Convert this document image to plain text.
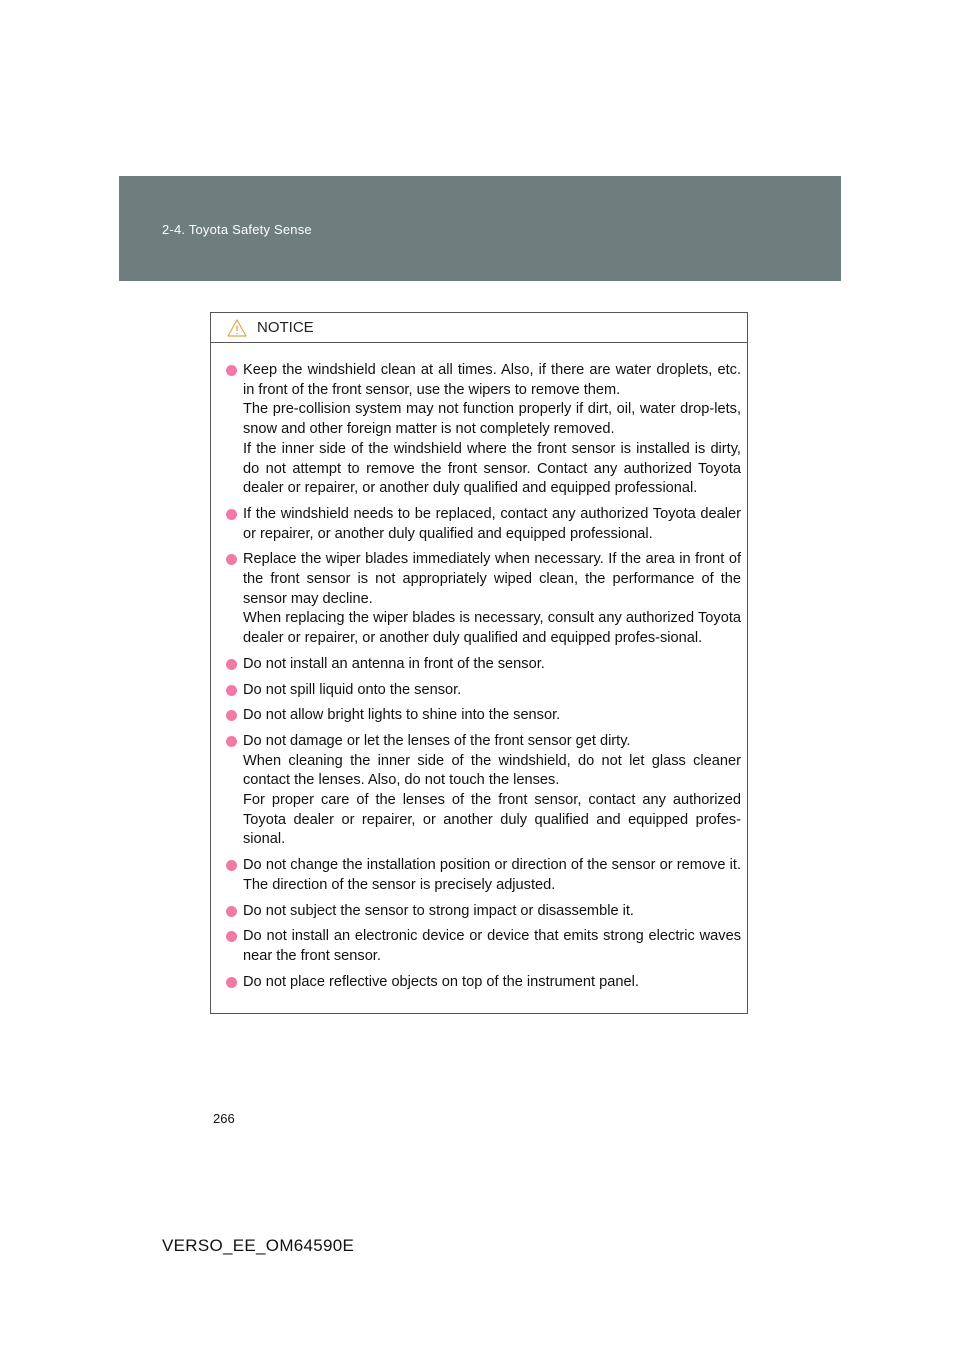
2-4. Toyota Safety Sense
NOTICE
Keep the windshield clean at all times. Also, if there are water droplets, etc. in front of the front sensor, use the wipers to remove them.
The pre-collision system may not function properly if dirt, oil, water drop-lets, snow and other foreign matter is not completely removed.
If the inner side of the windshield where the front sensor is installed is dirty, do not attempt to remove the front sensor. Contact any authorized Toyota dealer or repairer, or another duly qualified and equipped professional.
If the windshield needs to be replaced, contact any authorized Toyota dealer or repairer, or another duly qualified and equipped professional.
Replace the wiper blades immediately when necessary. If the area in front of the front sensor is not appropriately wiped clean, the performance of the sensor may decline.
When replacing the wiper blades is necessary, consult any authorized Toyota dealer or repairer, or another duly qualified and equipped profes-sional.
Do not install an antenna in front of the sensor.
Do not spill liquid onto the sensor.
Do not allow bright lights to shine into the sensor.
Do not damage or let the lenses of the front sensor get dirty.
When cleaning the inner side of the windshield, do not let glass cleaner contact the lenses. Also, do not touch the lenses.
For proper care of the lenses of the front sensor, contact any authorized Toyota dealer or repairer, or another duly qualified and equipped profes-sional.
Do not change the installation position or direction of the sensor or remove it. The direction of the sensor is precisely adjusted.
Do not subject the sensor to strong impact or disassemble it.
Do not install an electronic device or device that emits strong electric waves near the front sensor.
Do not place reflective objects on top of the instrument panel.
266
VERSO_EE_OM64590E
